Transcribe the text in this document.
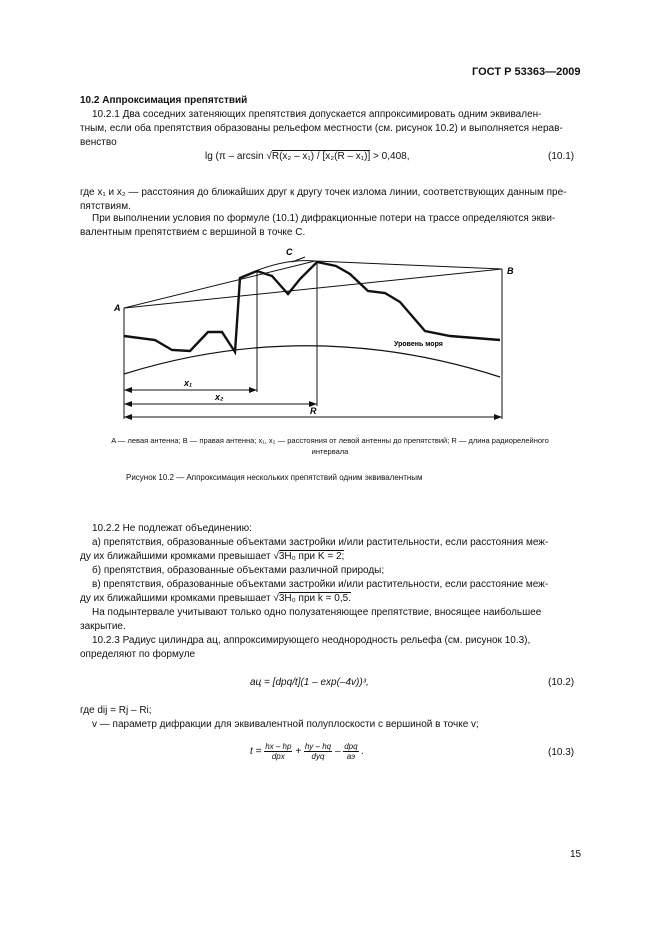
ГОСТ Р 53363—2009
10.2 Аппроксимация препятствий
10.2.1 Два соседних затеняющих препятствия допускается аппроксимировать одним эквивален-
тным, если оба препятствия образованы рельефом местности (см. рисунок 10.2) и выполняется нерав-
венство
lg (π – arcsin √R(x₂ – x₁) / [x₂(R – x₁)] > 0,408,	(10.1)
где x₁ и x₂ — расстояния до ближайших друг к другу точек излома линии, соответствующих данным пре-
пятствиям.
При выполнении условия по формуле (10.1) дифракционные потери на трассе определяются экви-
валентным препятствием с вершиной в точке C.
A
B
C
Уровень моря
x₁
x₂
R
A — левая антенна; B — правая антенна; x₁, x₂ — расстояния от левой антенны до препятствий; R — длина радиорелейного
интервала
Рисунок 10.2 — Аппроксимация нескольких препятствий одним эквивалентным
10.2.2 Не подлежат объединению:
а) препятствия, образованные объектами застройки и/или растительности, если расстояния меж-
ду их ближайшими кромками превышает √3H₀ при K = 2;
б) препятствия, образованные объектами различной природы;
в) препятствия, образованные объектами застройки и/или растительности, если расстояние меж-
ду их ближайшими кромками превышает √3H₀ при k = 0,5.
На подынтервале учитывают только одно полузатеняющее препятствие, вносящее наибольшее
закрытие.
10.2.3 Радиус цилиндра aц, аппроксимирующего неоднородность рельефа (см. рисунок 10.3),
определяют по формуле
aц = [dpq/t](1 – exp(–4v))³,	(10.2)
где dij = Rj – Ri;
v — параметр дифракции для эквивалентной полуплоскости с вершиной в точке v;
$t = \frac{hx - hp}{\text{dpx}} + \frac{hy - hq}{\text{dyq}} - \frac{\text{dpq}}{aэ}$ .	(10.3)
15
